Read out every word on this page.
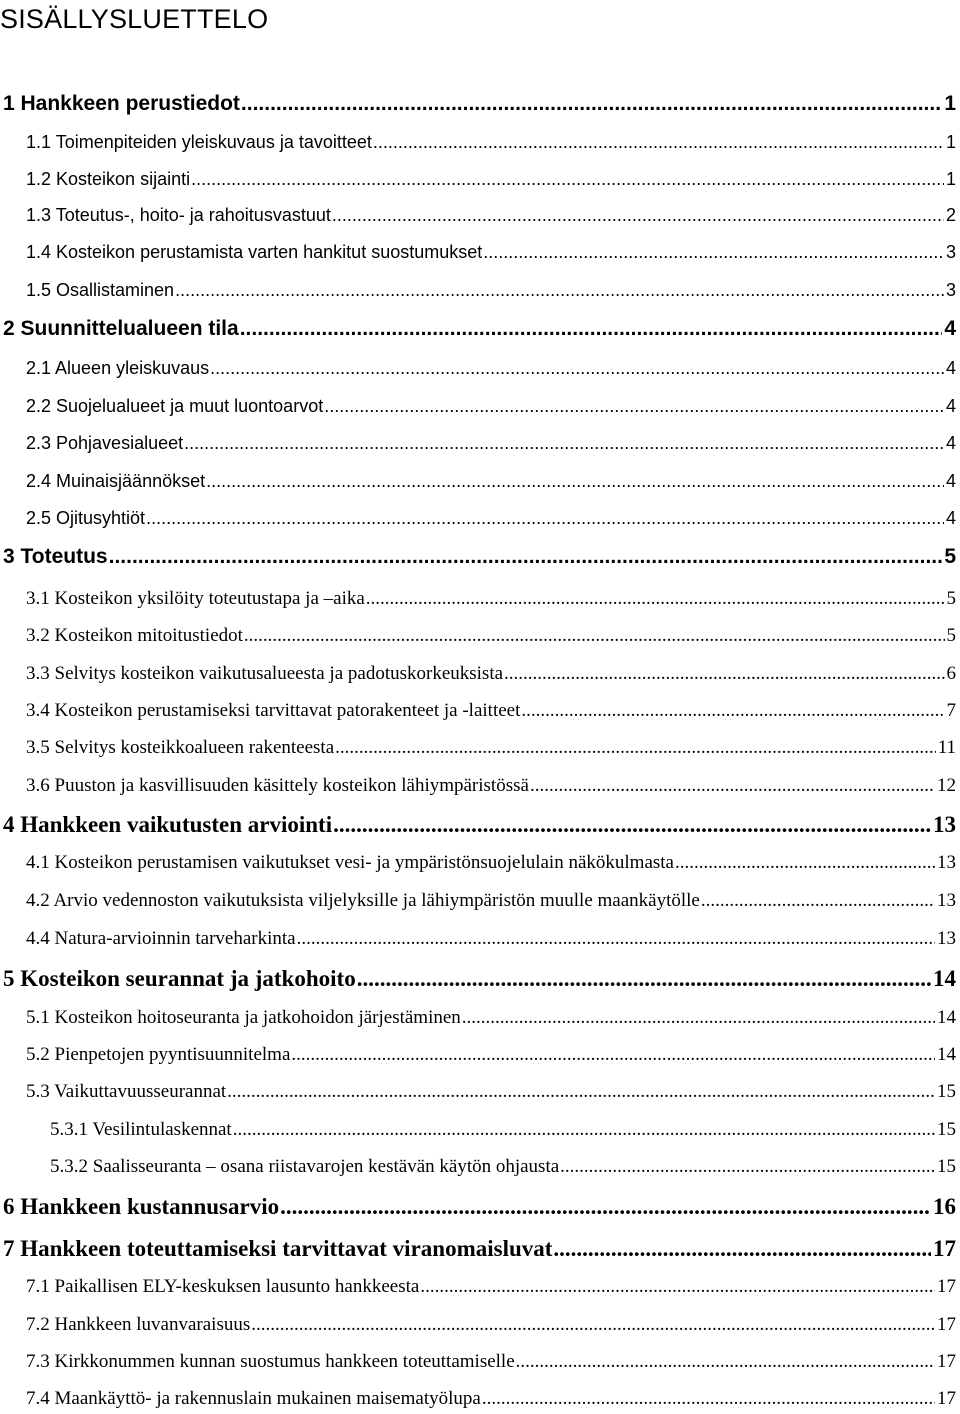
SISÄLLYSLUETTELO
1 Hankkeen perustiedot .....	1
1.1 Toimenpiteiden yleiskuvaus ja tavoitteet .....	1
1.2 Kosteikon sijainti .....	1
1.3 Toteutus-, hoito- ja rahoitusvastuut .....	2
1.4 Kosteikon perustamista varten hankitut suostumukset .....	3
1.5 Osallistaminen .....	3
2 Suunnittelualueen tila .....	4
2.1 Alueen yleiskuvaus .....	4
2.2 Suojelualueet ja muut luontoarvot .....	4
2.3 Pohjavesialueet .....	4
2.4 Muinaisjäännökset .....	4
2.5 Ojitusyhtiöt .....	4
3 Toteutus .....	5
3.1 Kosteikon yksilöity toteutustapa ja –aika .....	5
3.2 Kosteikon mitoitustiedot .....	5
3.3 Selvitys kosteikon vaikutusalueesta ja padotuskorkeuksista .....	6
3.4 Kosteikon perustamiseksi tarvittavat patorakenteet ja -laitteet .....	7
3.5 Selvitys kosteikkoalueen rakenteesta .....	11
3.6 Puuston ja kasvillisuuden käsittely kosteikon lähiympäristössä .....	12
4 Hankkeen vaikutusten arviointi .....	13
4.1 Kosteikon perustamisen vaikutukset vesi- ja ympäristönsuojelulain näkökulmasta .....	13
4.2 Arvio vedennoston vaikutuksista viljelyksille ja lähiympäristön muulle maankäytölle .....	13
4.4 Natura-arvioinnin tarveharkinta .....	13
5 Kosteikon seurannat ja jatkohoito .....	14
5.1 Kosteikon hoitoseuranta ja jatkohoidon järjestäminen .....	14
5.2 Pienpetojen pyyntisuunnitelma .....	14
5.3 Vaikuttavuusseurannat .....	15
5.3.1 Vesilintulaskennat .....	15
5.3.2 Saalisseuranta – osana riistavarojen kestävän käytön ohjausta .....	15
6 Hankkeen kustannusarvio .....	16
7 Hankkeen toteuttamiseksi tarvittavat viranomaisluvat .....	17
7.1 Paikallisen ELY-keskuksen lausunto hankkeesta .....	17
7.2 Hankkeen luvanvaraisuus .....	17
7.3 Kirkkonummen kunnan suostumus hankkeen toteuttamiselle .....	17
7.4 Maankäyttö- ja rakennuslain mukainen maisematyölupa .....	17
